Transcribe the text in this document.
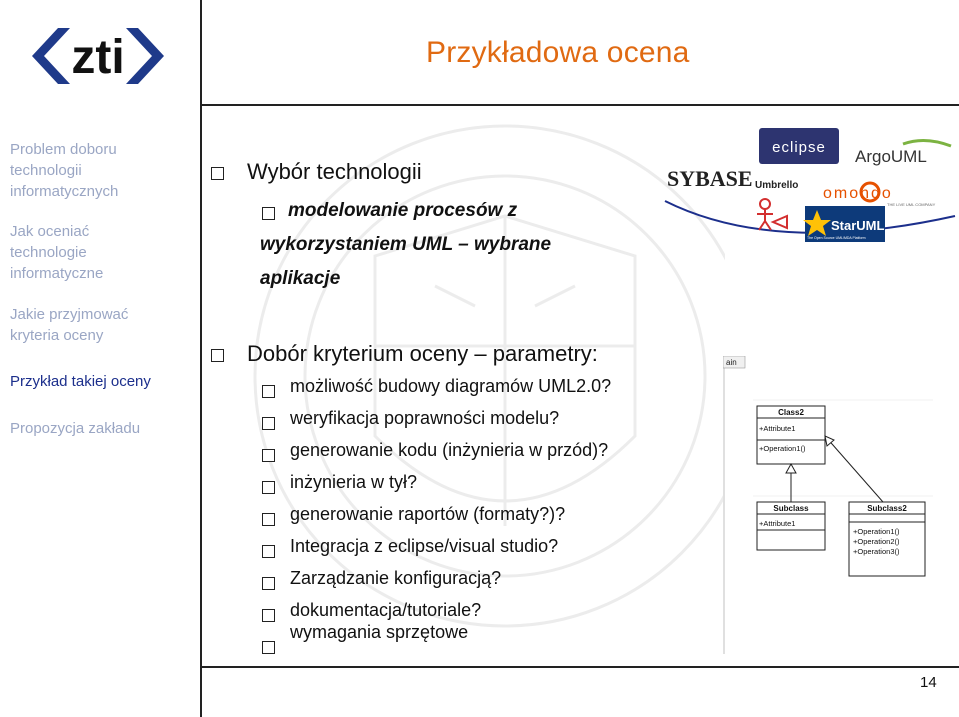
zti
Problem doboru
technologii
informatycznych
Jak oceniać
technologie
informatyczne
Jakie przyjmować
kryteria oceny
Przykład takiej oceny
Propozycja zakładu
Przykładowa ocena
Wybór technologii
modelowanie procesów z
wykorzystaniem UML – wybrane
aplikacje
Dobór kryterium oceny – parametry:
możliwość budowy diagramów UML2.0?
weryfikacja poprawności modelu?
generowanie kodu (inżynieria w przód)?
inżynieria w tył?
generowanie raportów (formaty?)?
Integracja z eclipse/visual studio?
Zarządzanie konfiguracją?
dokumentacja/tutoriale?
wymagania sprzętowe
eclipse ArgoUML
SYBASE Umbrello omondo
THE LIVE UML COMPANY
StarUML
The Open Source UML/MDA Platform
ain
Class2
+Attribute1
+Operation1()
Subclass
+Attribute1
Subclass2
+Operation1()
+Operation2()
+Operation3()
14
